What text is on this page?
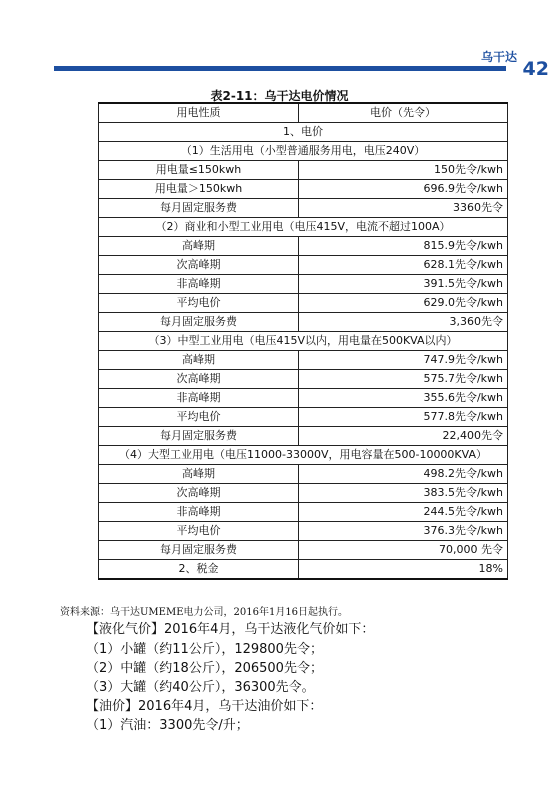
乌干达
42
表2-11：乌干达电价情况
用电性质	电价（先令）
1、电价	
（1）生活用电（小型普通服务用电，电压240V）	
用电量≤150kwh	150先令/kwh
用电量＞150kwh	696.9先令/kwh
每月固定服务费	3360先令
（2）商业和小型工业用电（电压415V，电流不超过100A）	
高峰期	815.9先令/kwh
次高峰期	628.1先令/kwh
非高峰期	391.5先令/kwh
平均电价	629.0先令/kwh
每月固定服务费	3,360先令
（3）中型工业用电（电压415V以内，用电量在500KVA以内）	
高峰期	747.9先令/kwh
次高峰期	575.7先令/kwh
非高峰期	355.6先令/kwh
平均电价	577.8先令/kwh
每月固定服务费	22,400先令
（4）大型工业用电（电压11000-33000V，用电容量在500-10000KVA）	
高峰期	498.2先令/kwh
次高峰期	383.5先令/kwh
非高峰期	244.5先令/kwh
平均电价	376.3先令/kwh
每月固定服务费	70,000 先令
2、税金	18%
资料来源：乌干达UMEME电力公司，2016年1月16日起执行。
【液化气价】2016年4月，乌干达液化气价如下：
（1）小罐（约11公斤），129800先令；
（2）中罐（约18公斤），206500先令；
（3）大罐（约40公斤），36300先令。
【油价】2016年4月，乌干达油价如下：
（1）汽油：3300先令/升；
